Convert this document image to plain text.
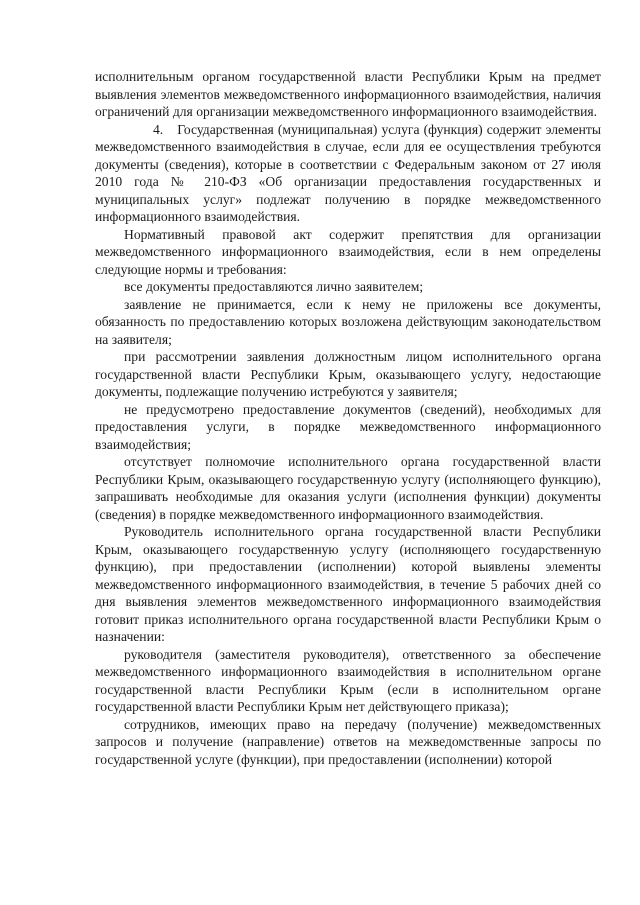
исполнительным органом государственной власти Республики Крым на предмет выявления элементов межведомственного информационного взаимодействия, наличия ограничений для организации межведомственного информационного взаимодействия.

4. Государственная (муниципальная) услуга (функция) содержит элементы межведомственного взаимодействия в случае, если для ее осуществления требуются документы (сведения), которые в соответствии с Федеральным законом от 27 июля 2010 года № 210-ФЗ «Об организации предоставления государственных и муниципальных услуг» подлежат получению в порядке межведомственного информационного взаимодействия.

Нормативный правовой акт содержит препятствия для организации межведомственного информационного взаимодействия, если в нем определены следующие нормы и требования:

все документы предоставляются лично заявителем;

заявление не принимается, если к нему не приложены все документы, обязанность по предоставлению которых возложена действующим законодательством на заявителя;

при рассмотрении заявления должностным лицом исполнительного органа государственной власти Республики Крым, оказывающего услугу, недостающие документы, подлежащие получению истребуются у заявителя;

не предусмотрено предоставление документов (сведений), необходимых для предоставления услуги, в порядке межведомственного информационного взаимодействия;

отсутствует полномочие исполнительного органа государственной власти Республики Крым, оказывающего государственную услугу (исполняющего функцию), запрашивать необходимые для оказания услуги (исполнения функции) документы (сведения) в порядке межведомственного информационного взаимодействия.

Руководитель исполнительного органа государственной власти Республики Крым, оказывающего государственную услугу (исполняющего государственную функцию), при предоставлении (исполнении) которой выявлены элементы межведомственного информационного взаимодействия, в течение 5 рабочих дней со дня выявления элементов межведомственного информационного взаимодействия готовит приказ исполнительного органа государственной власти Республики Крым о назначении:

руководителя (заместителя руководителя), ответственного за обеспечение межведомственного информационного взаимодействия в исполнительном органе государственной власти Республики Крым (если в исполнительном органе государственной власти Республики Крым нет действующего приказа);

сотрудников, имеющих право на передачу (получение) межведомственных запросов и получение (направление) ответов на межведомственные запросы по государственной услуге (функции), при предоставлении (исполнении) которой
